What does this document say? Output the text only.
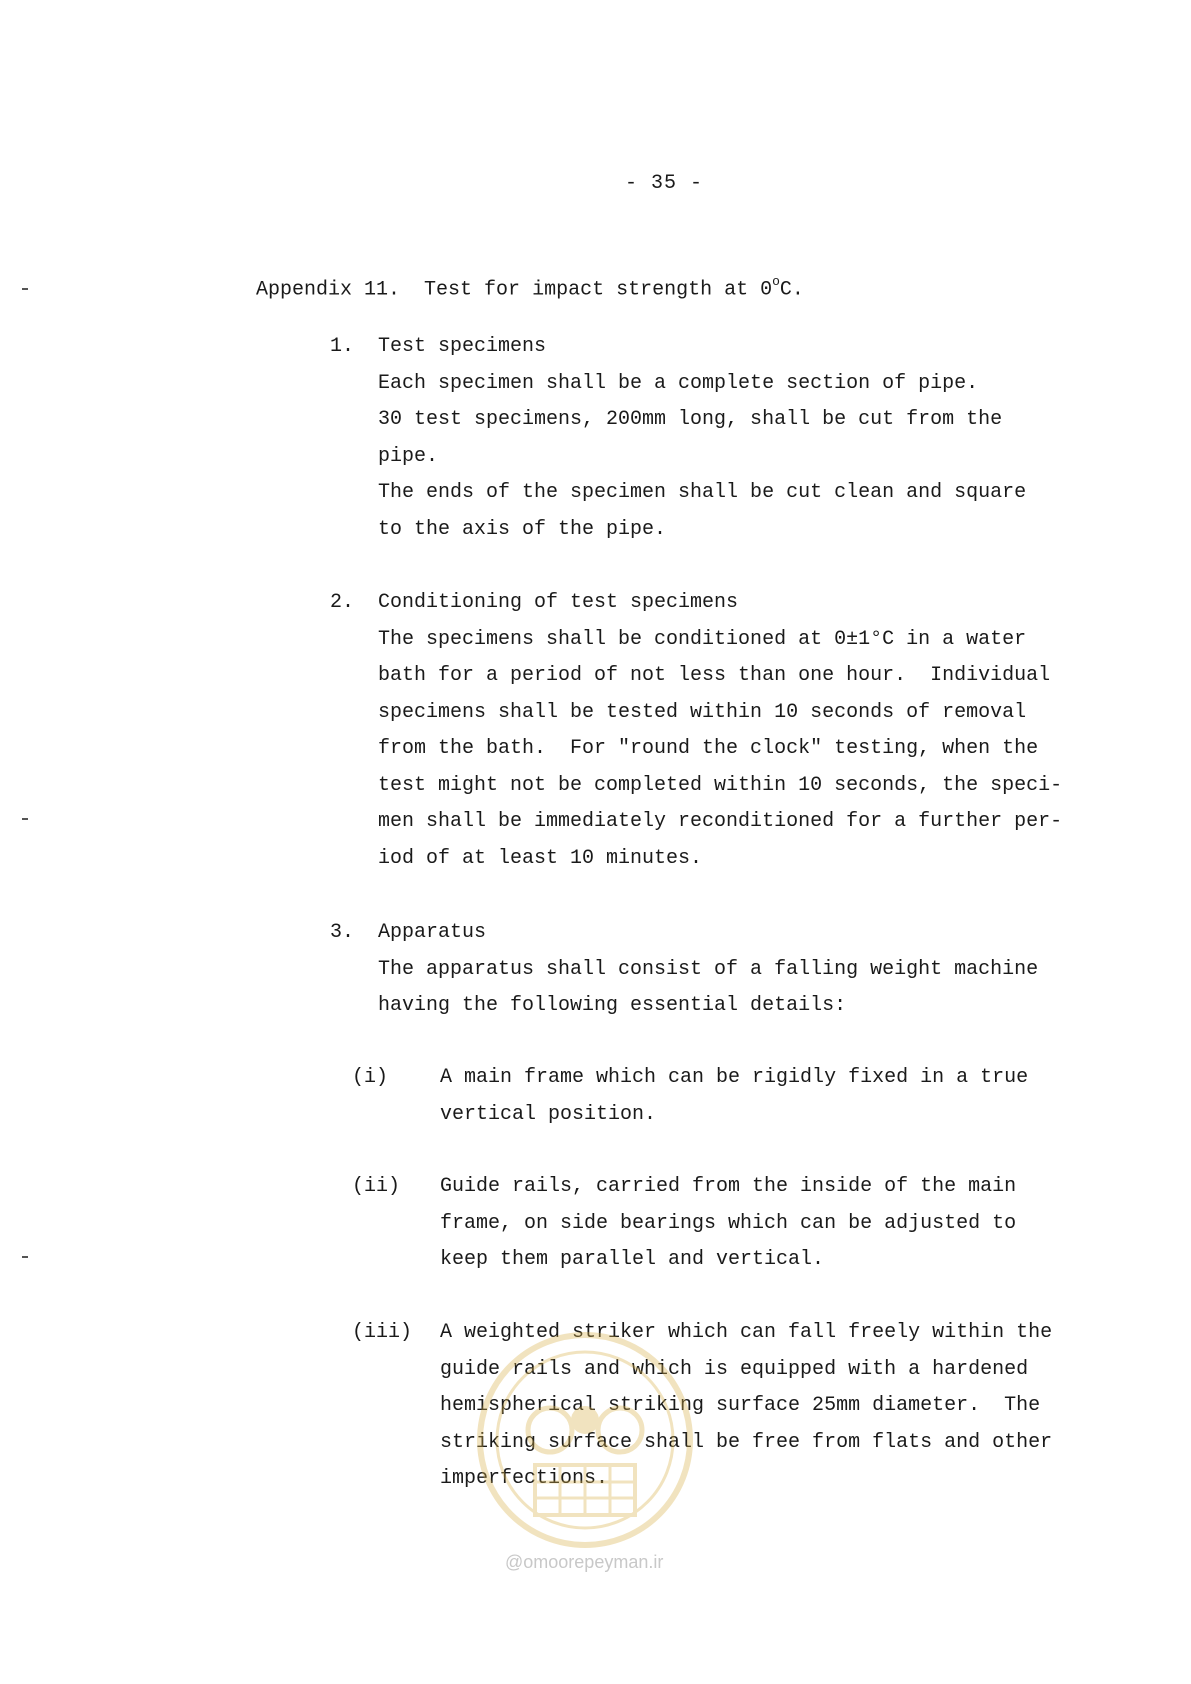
- 35 -
Appendix 11. Test for impact strength at 0$^o$C.
1. Test specimens
Each specimen shall be a complete section of pipe.
30 test specimens, 200mm long, shall be cut from the
pipe.
The ends of the specimen shall be cut clean and square
to the axis of the pipe.
2. Conditioning of test specimens
The specimens shall be conditioned at 0±1°C in a water
bath for a period of not less than one hour.  Individual
specimens shall be tested within 10 seconds of removal
from the bath.  For "round the clock" testing, when the
test might not be completed within 10 seconds, the speci-
men shall be immediately reconditioned for a further per-
iod of at least 10 minutes.
3. Apparatus
The apparatus shall consist of a falling weight machine
having the following essential details:
(i)	A main frame which can be rigidly fixed in a true
vertical position.
(ii) Guide rails, carried from the inside of the main
frame, on side bearings which can be adjusted to
keep them parallel and vertical.
(iii) A weighted striker which can fall freely within the
guide rails and which is equipped with a hardened
hemispherical striking surface 25mm diameter.  The
striking surface shall be free from flats and other
imperfections.
@omoorepeyman.ir
